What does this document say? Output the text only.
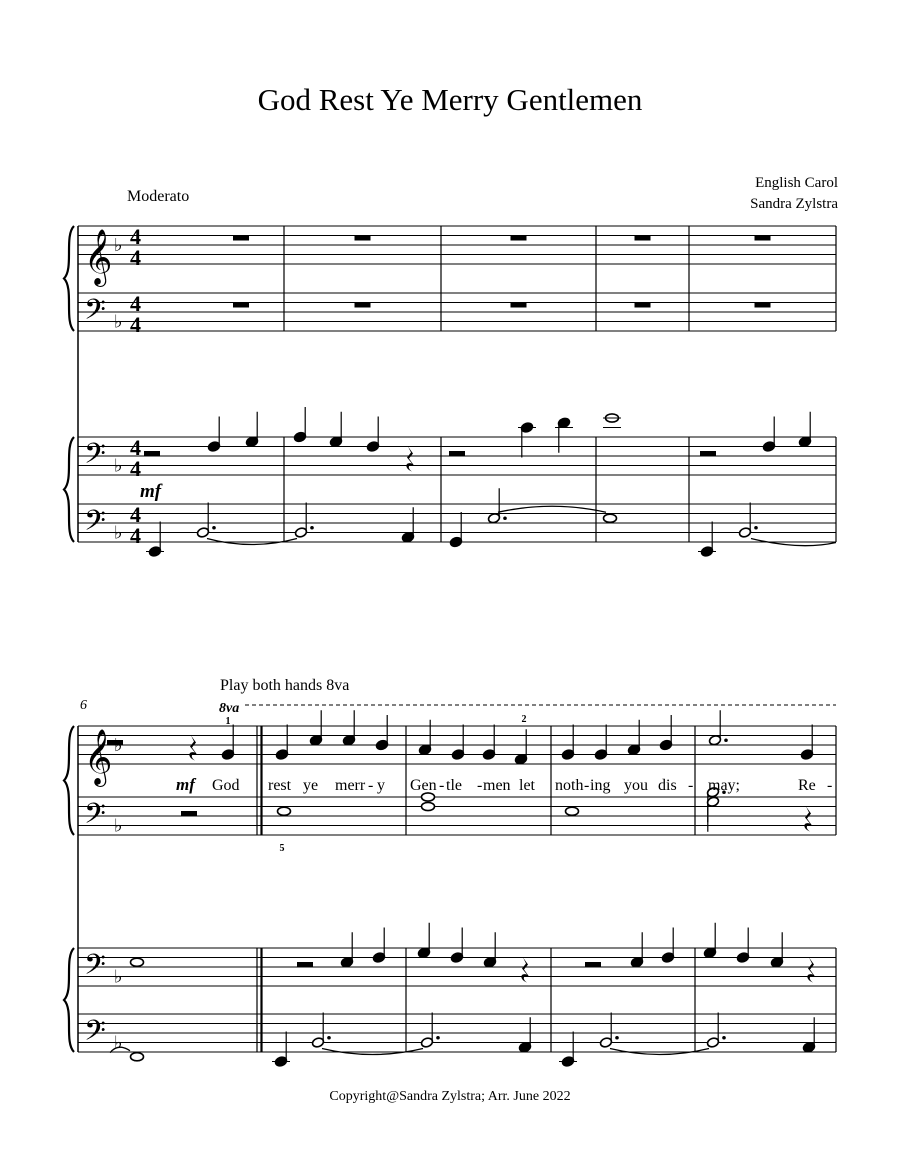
God Rest Ye Merry Gentlemen
English Carol
Sandra Zylstra
Moderato
Play both hands 8va
Copyright@Sandra Zylstra; Arr. June 2022
𝄞 ♭ 4
4
𝄢 ♭
4
4
𝄢 ♭
4
4
𝄢 ♭
4
4
𝄞 ♭
𝄢 ♭
𝄢 ♭
𝄢 ♭
mf
mf
6	8va
1	2
5
God rest ye merr - y Gen - tle - men let noth - ing you dis - may;	Re -
